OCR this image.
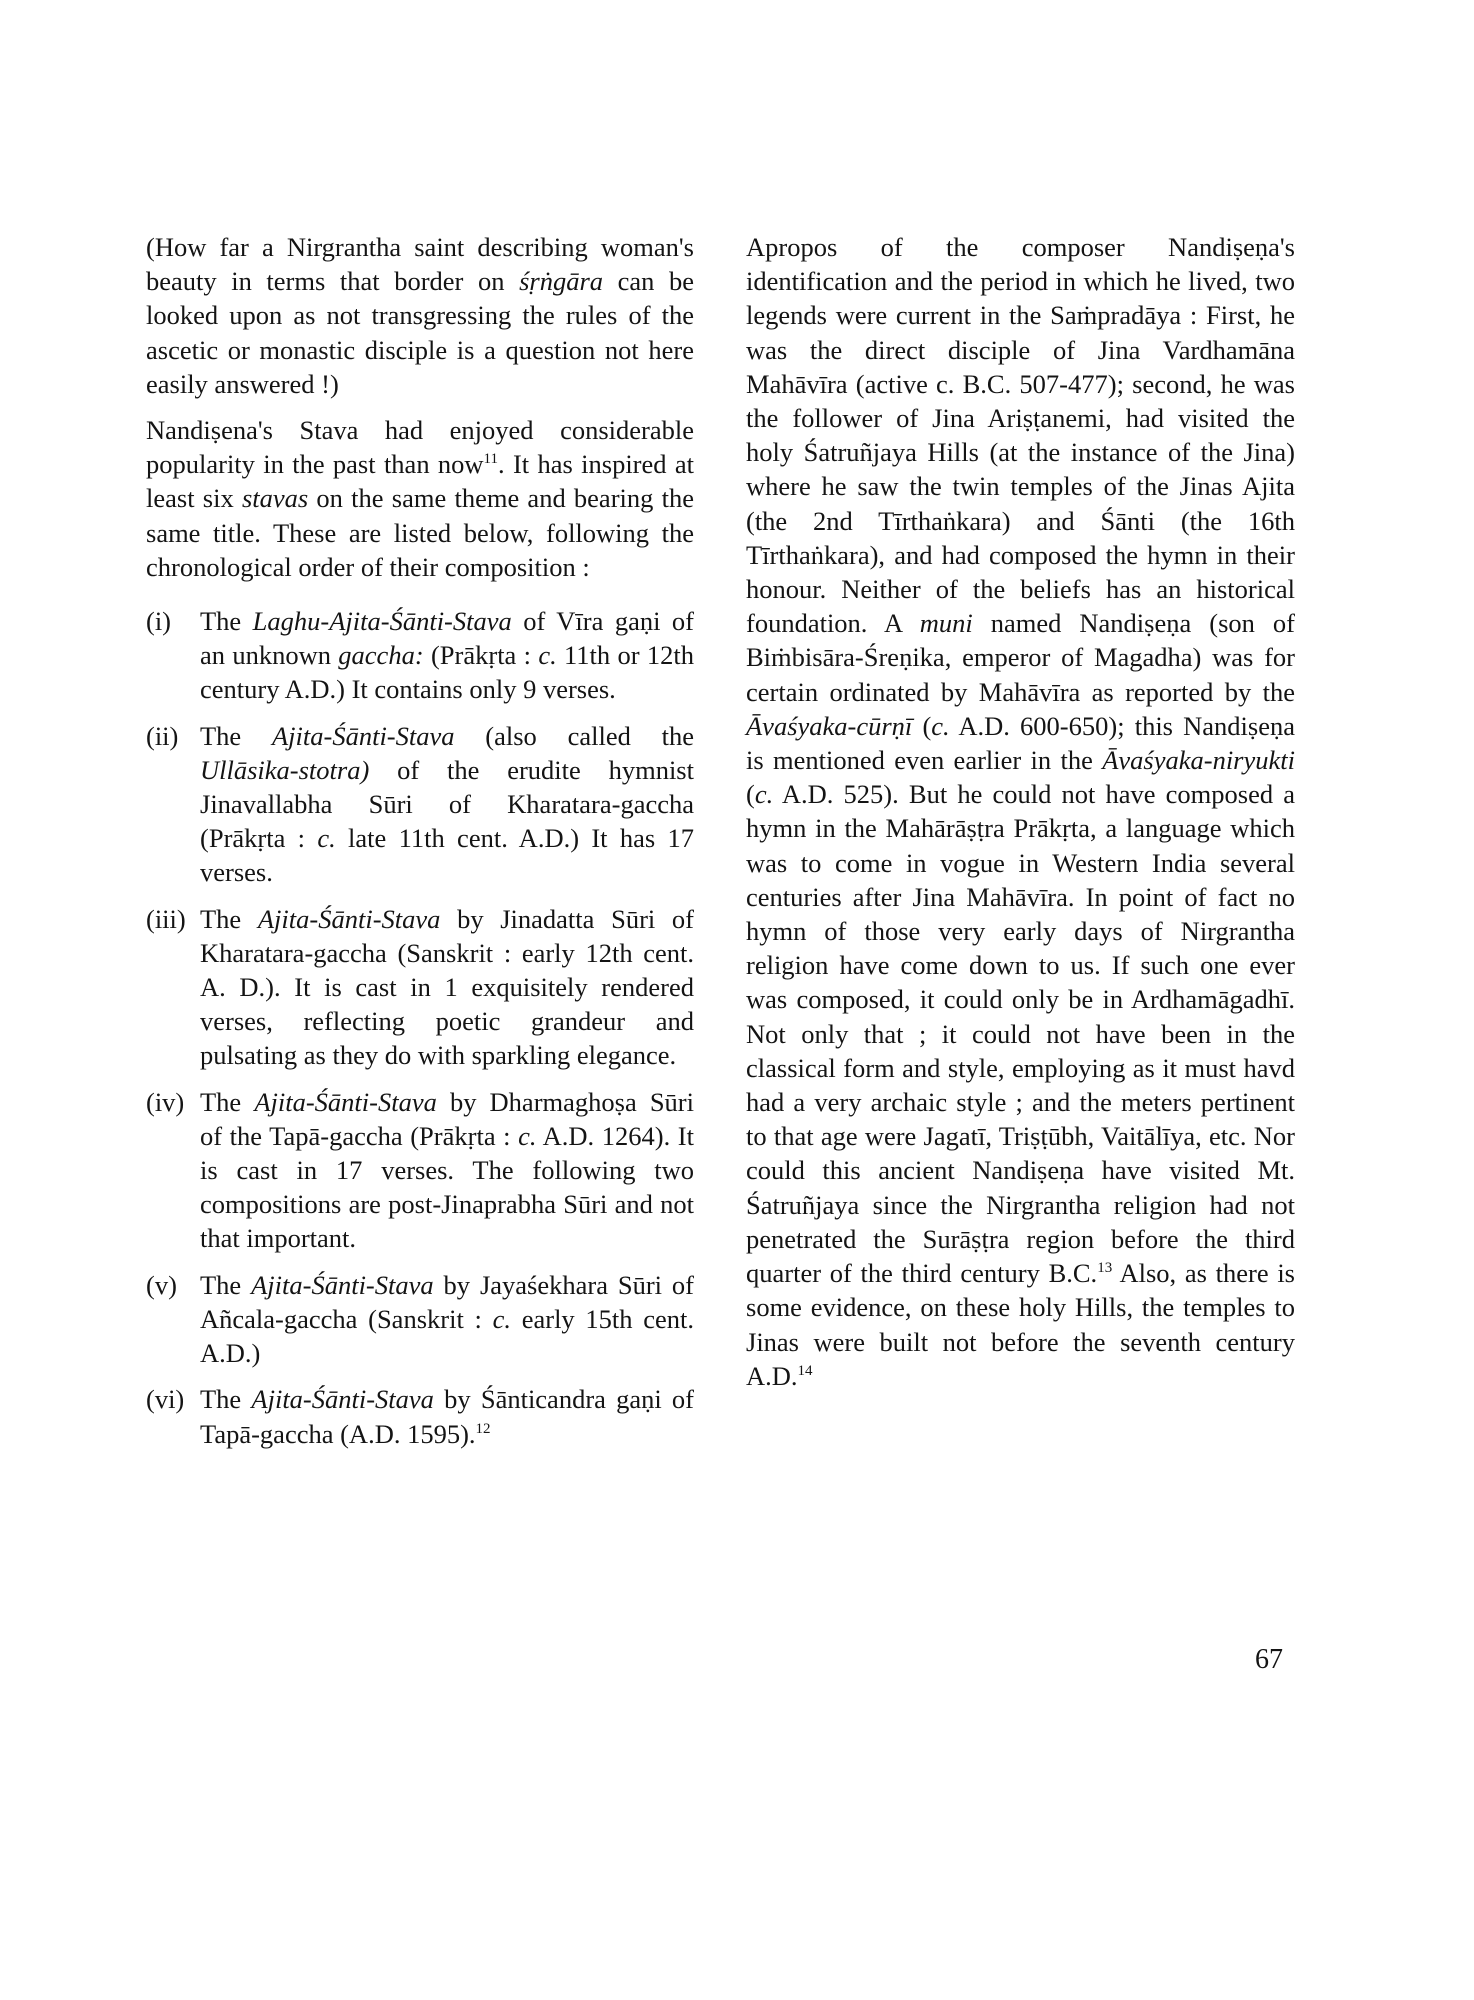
(How far a Nirgrantha saint describing woman's beauty in terms that border on śṛṅgāra can be looked upon as not transgressing the rules of the ascetic or monastic disciple is a question not here easily answered !)

Nandiṣena's Stava had enjoyed considerable popularity in the past than now$^{11}$. It has inspired at least six stavas on the same theme and bearing the same title. These are listed below, following the chronological order of their composition :

(i)	The Laghu-Ajita-Śānti-Stava of Vīra gaṇi of an unknown gaccha: (Prākṛta : c. 11th or 12th century A.D.) It contains only 9 verses.
(ii) The Ajita-Śānti-Stava (also called the Ullāsika-stotra) of the erudite hymnist Jinavallabha Sūri of Kharatara-gaccha (Prākṛta : c. late 11th cent. A.D.) It has 17 verses.
(iii) The Ajita-Śānti-Stava by Jinadatta Sūri of Kharatara-gaccha (Sanskrit : early 12th cent. A. D.). It is cast in 1 exquisitely rendered verses, reflecting poetic grandeur and pulsating as they do with sparkling elegance.
(iv) The Ajita-Śānti-Stava by Dharmaghoṣa Sūri of the Tapā-gaccha (Prākṛta : c. A.D. 1264). It is cast in 17 verses. The following two compositions are post-Jinaprabha Sūri and not that important.
(v) The Ajita-Śānti-Stava by Jayaśekhara Sūri of Añcala-gaccha (Sanskrit : c. early 15th cent. A.D.)
(vi) The Ajita-Śānti-Stava by Śānticandra gaṇi of Tapā-gaccha (A.D. 1595).$^{12}$

Apropos of the composer Nandiṣeṇa's identification and the period in which he lived, two legends were current in the Saṁpradāya : First, he was the direct disciple of Jina Vardhamāna Mahāvīra (active c. B.C. 507-477); second, he was the follower of Jina Ariṣṭanemi, had visited the holy Śatruñjaya Hills (at the instance of the Jina) where he saw the twin temples of the Jinas Ajita (the 2nd Tīrthaṅkara) and Śānti (the 16th Tīrthaṅkara), and had composed the hymn in their honour. Neither of the beliefs has an historical foundation. A muni named Nandiṣeṇa (son of Biṁbisāra-Śreṇika, emperor of Magadha) was for certain ordinated by Mahāvīra as reported by the Āvaśyaka-cūrṇī (c. A.D. 600-650); this Nandiṣeṇa is mentioned even earlier in the Āvaśyaka-niryukti (c. A.D. 525). But he could not have composed a hymn in the Mahārāṣṭra Prākṛta, a language which was to come in vogue in Western India several centuries after Jina Mahāvīra. In point of fact no hymn of those very early days of Nirgrantha religion have come down to us. If such one ever was composed, it could only be in Ardhamāgadhī. Not only that ; it could not have been in the classical form and style, employing as it must havd had a very archaic style ; and the meters pertinent to that age were Jagatī, Triṣṭūbh, Vaitālīya, etc. Nor could this ancient Nandiṣeṇa have visited Mt. Śatruñjaya since the Nirgrantha religion had not penetrated the Surāṣṭra region before the third quarter of the third century B.C.$^{13}$ Also, as there is some evidence, on these holy Hills, the temples to Jinas were built not before the seventh century A.D.$^{14}$

67
